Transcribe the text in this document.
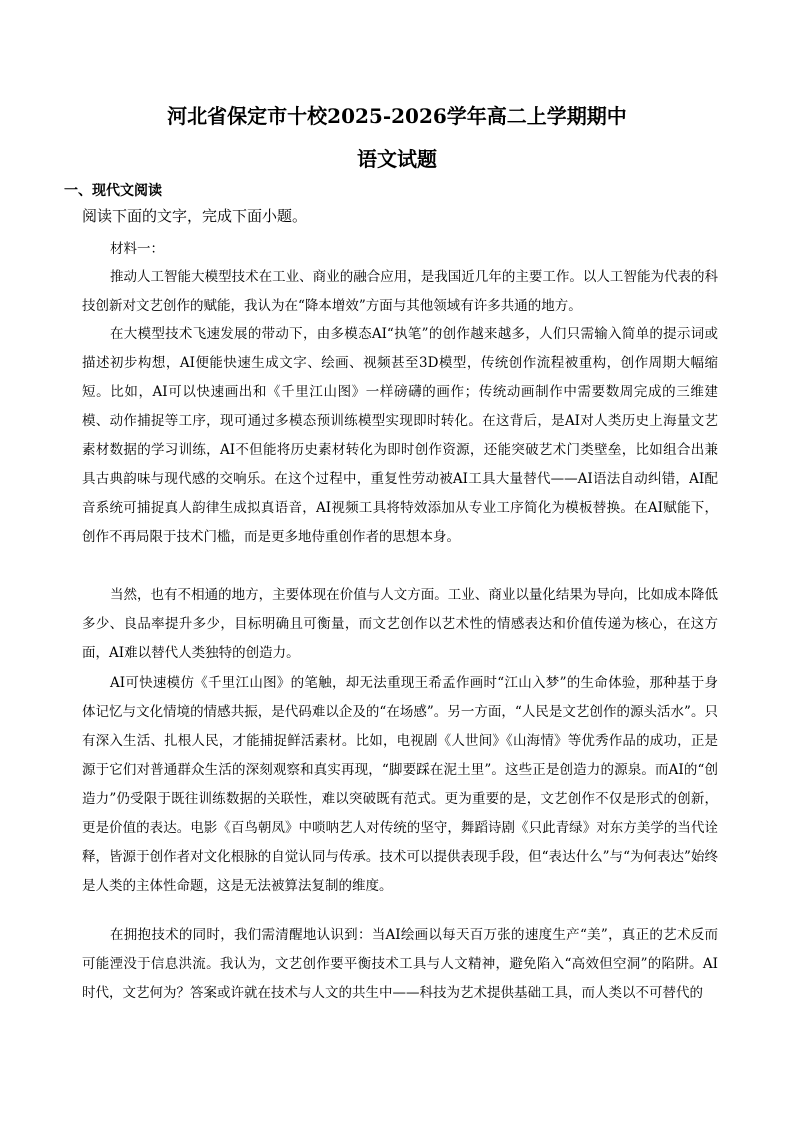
河北省保定市十校2025-2026学年高二上学期期中
语文试题
一、现代文阅读
阅读下面的文字，完成下面小题。
材料一：

推动人工智能大模型技术在工业、商业的融合应用，是我国近几年的主要工作。以人工智能为代表的科技创新对文艺创作的赋能，我认为在“降本增效”方面与其他领域有许多共通的地方。

在大模型技术飞速发展的带动下，由多模态AI“执笔”的创作越来越多，人们只需输入简单的提示词或描述初步构想，AI便能快速生成文字、绘画、视频甚至3D模型，传统创作流程被重构，创作周期大幅缩短。比如，AI可以快速画出和《千里江山图》一样磅礴的画作；传统动画制作中需要数周完成的三维建模、动作捕捉等工序，现可通过多模态预训练模型实现即时转化。在这背后，是AI对人类历史上海量文艺素材数据的学习训练，AI不但能将历史素材转化为即时创作资源，还能突破艺术门类壁垒，比如组合出兼具古典韵味与现代感的交响乐。在这个过程中，重复性劳动被AI工具大量替代——AI语法自动纠错，AI配音系统可捕捉真人韵律生成拟真语音，AI视频工具将特效添加从专业工序简化为模板替换。在AI赋能下，创作不再局限于技术门槛，而是更多地侍重创作者的思想本身。

当然，也有不相通的地方，主要体现在价值与人文方面。工业、商业以量化结果为导向，比如成本降低多少、良品率提升多少，目标明确且可衡量，而文艺创作以艺术性的情感表达和价值传递为核心，在这方面，AI难以替代人类独特的创造力。

AI可快速模仿《千里江山图》的笔触，却无法重现王希孟作画时“江山入梦”的生命体验，那种基于身体记忆与文化情境的情感共振，是代码难以企及的“在场感”。另一方面，“人民是文艺创作的源头活水”。只有深入生活、扎根人民，才能捕捉鲜活素材。比如，电视剧《人世间》《山海情》等优秀作品的成功，正是源于它们对普通群众生活的深刻观察和真实再现，“脚要踩在泥土里”。这些正是创造力的源泉。而AI的“创造力”仍受限于既往训练数据的关联性，难以突破既有范式。更为重要的是，文艺创作不仅是形式的创新，更是价值的表达。电影《百鸟朝凤》中唢呐艺人对传统的坚守，舞蹈诗剧《只此青绿》对东方美学的当代诠释，皆源于创作者对文化根脉的自觉认同与传承。技术可以提供表现手段，但“表达什么”与“为何表达”始终是人类的主体性命题，这是无法被算法复制的维度。

在拥抱技术的同时，我们需清醒地认识到：当AI绘画以每天百万张的速度生产“美”，真正的艺术反而可能湮没于信息洪流。我认为，文艺创作要平衡技术工具与人文精神，避免陷入“高效但空洞”的陷阱。AI时代，文艺何为？答案或许就在技术与人文的共生中——科技为艺术提供基础工具，而人类以不可替代的
